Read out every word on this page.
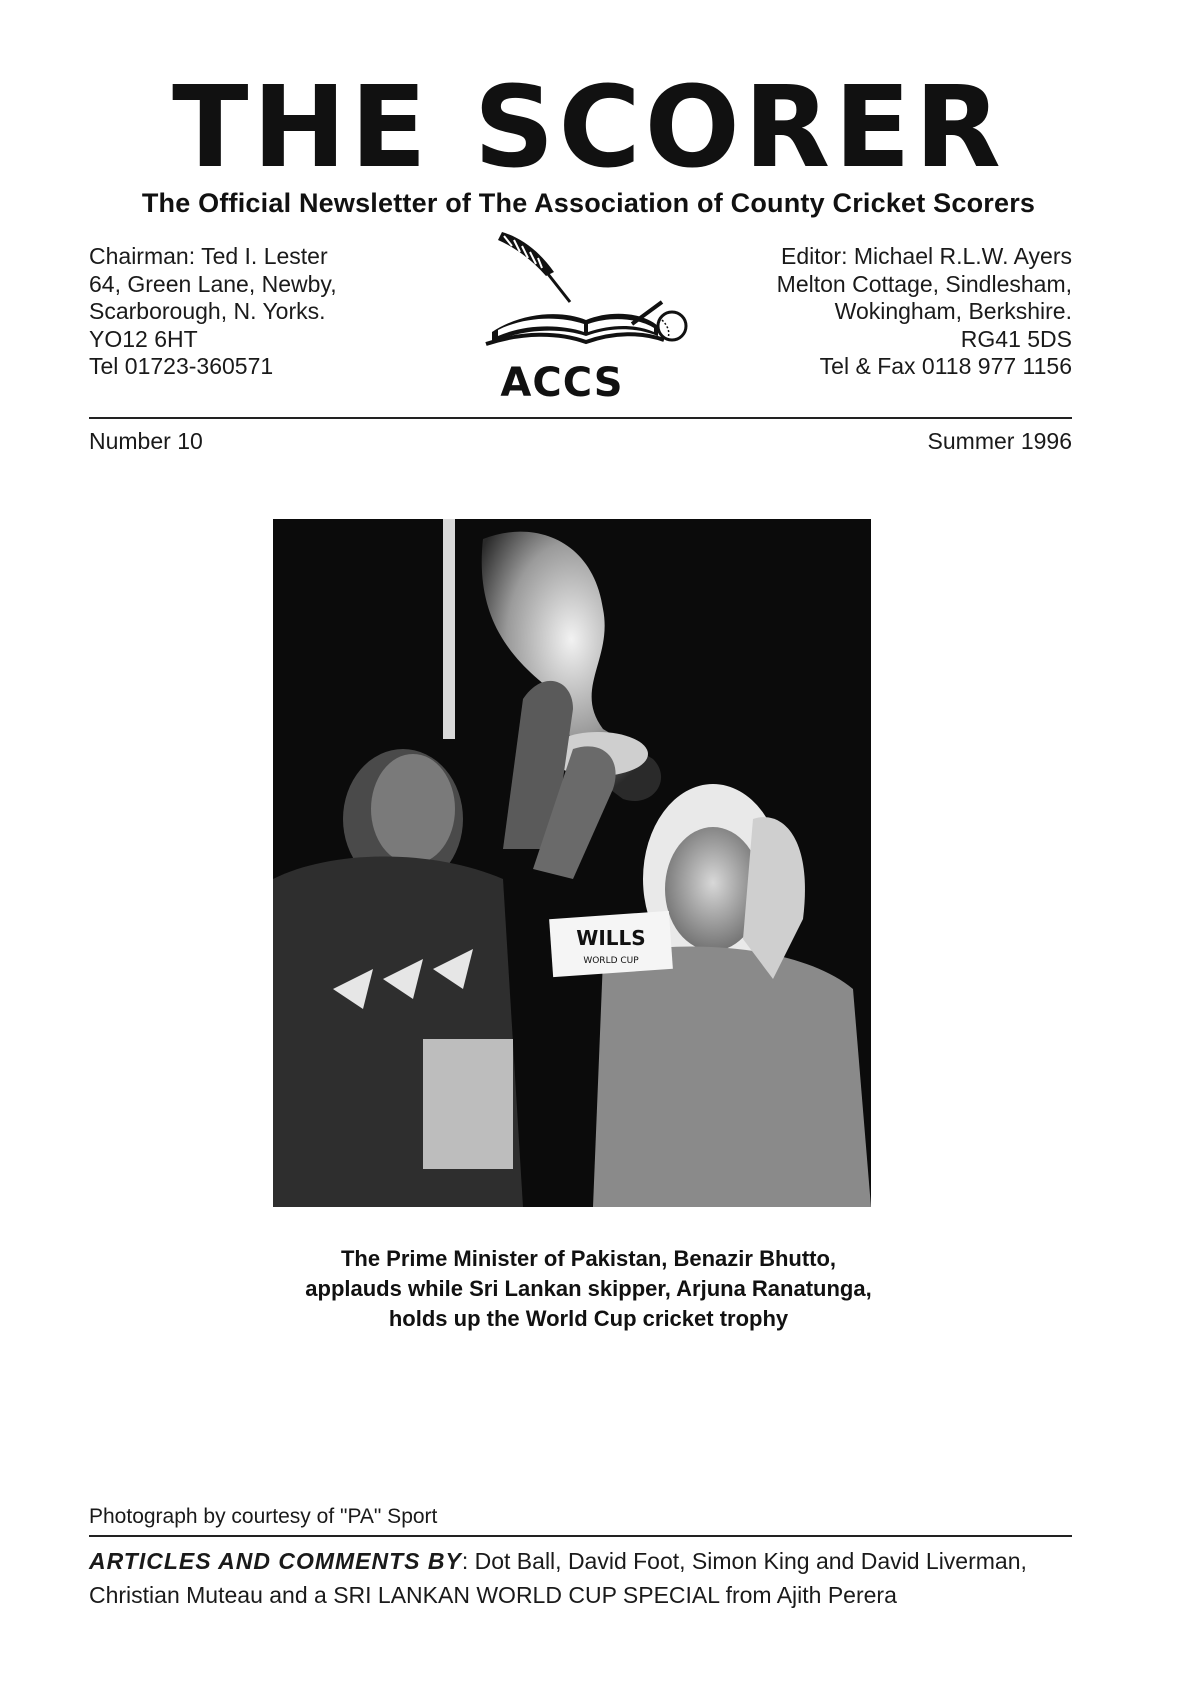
THE SCORER
The Official Newsletter of The Association of County Cricket Scorers
Chairman: Ted I. Lester
64, Green Lane, Newby,
Scarborough, N. Yorks.
YO12 6HT
Tel 01723-360571	ACCS
Editor: Michael R.L.W. Ayers
Melton Cottage, Sindlesham,
Wokingham, Berkshire.
RG41 5DS
Tel & Fax 0118 977 1156
Number 10	Summer 1996
WILLS
WORLD CUP
The Prime Minister of Pakistan, Benazir Bhutto,
applauds while Sri Lankan skipper, Arjuna Ranatunga,
holds up the World Cup cricket trophy
Photograph by courtesy of "PA" Sport
ARTICLES AND COMMENTS BY: Dot Ball, David Foot, Simon King and David Liverman,
Christian Muteau and a SRI LANKAN WORLD CUP SPECIAL from Ajith Perera
